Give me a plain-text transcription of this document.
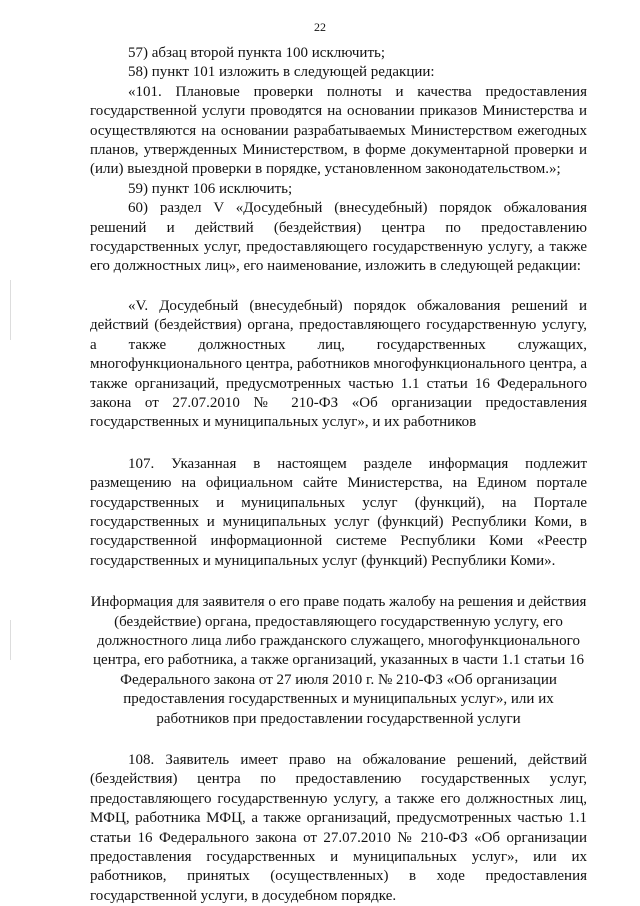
22

57) абзац второй пункта 100 исключить;

58) пункт 101 изложить в следующей редакции:

«101. Плановые проверки полноты и качества предоставления государственной услуги проводятся на основании приказов Министерства и осуществляются на основании разрабатываемых Министерством ежегодных планов, утвержденных Министерством, в форме документарной проверки и (или) выездной проверки в порядке, установленном законодательством.»;

59) пункт 106 исключить;

60) раздел V «Досудебный (внесудебный) порядок обжалования решений и действий (бездействия) центра по предоставлению государственных услуг, предоставляющего государственную услугу, а также его должностных лиц», его наименование, изложить в следующей редакции:

«V. Досудебный (внесудебный) порядок обжалования решений и действий (бездействия) органа, предоставляющего государственную услугу, а также должностных лиц, государственных служащих, многофункционального центра, работников многофункционального центра, а также организаций, предусмотренных частью 1.1 статьи 16 Федерального закона от 27.07.2010 № 210-ФЗ «Об организации предоставления государственных и муниципальных услуг», и их работников

107. Указанная в настоящем разделе информация подлежит размещению на официальном сайте Министерства, на Едином портале государственных и муниципальных услуг (функций), на Портале государственных и муниципальных услуг (функций) Республики Коми, в государственной информационной системе Республики Коми «Реестр государственных и муниципальных услуг (функций) Республики Коми».

Информация для заявителя о его праве подать жалобу на решения и действия (бездействие) органа, предоставляющего государственную услугу, его должностного лица либо гражданского служащего, многофункционального центра, его работника, а также организаций, указанных в части 1.1 статьи 16 Федерального закона от 27 июля 2010 г. № 210-ФЗ «Об организации предоставления государственных и муниципальных услуг», или их работников при предоставлении государственной услуги

108. Заявитель имеет право на обжалование решений, действий (бездействия) центра по предоставлению государственных услуг, предоставляющего государственную услугу, а также его должностных лиц, МФЦ, работника МФЦ, а также организаций, предусмотренных частью 1.1 статьи 16 Федерального закона от 27.07.2010 № 210-ФЗ «Об организации предоставления государственных и муниципальных услуг», или их работников, принятых (осуществленных) в ходе предоставления государственной услуги, в досудебном порядке.
